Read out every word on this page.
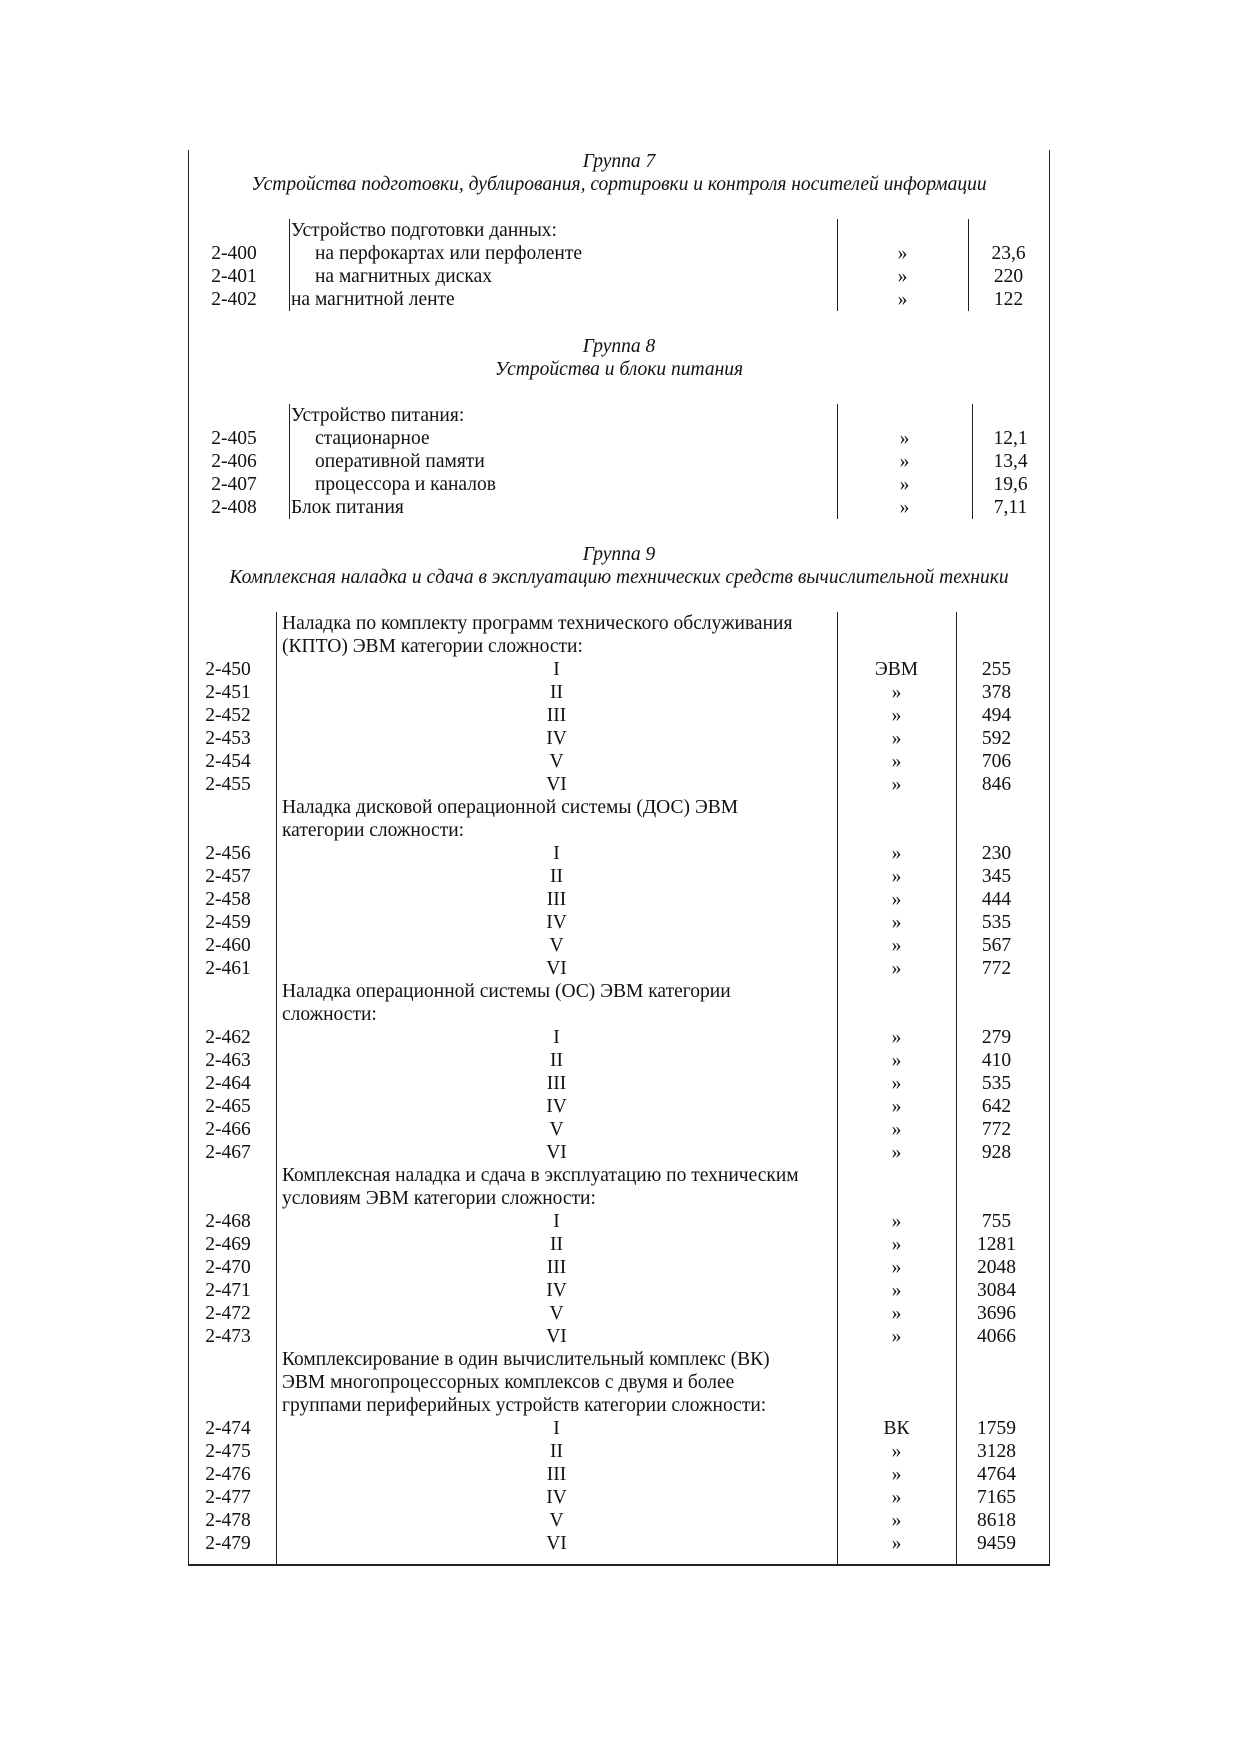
Группа 7
Устройства подготовки, дублирования, сортировки и контроля носителей информации
Устройство подготовки данных:
2-400	на перфокартах или перфоленте	»	23,6
2-401	на магнитных дисках	»	220
2-402	на магнитной ленте	»	122
Группа 8
Устройства и блоки питания
Устройство питания:
2-405	стационарное	»	12,1
2-406	оперативной памяти	»	13,4
2-407	процессора и каналов	»	19,6
2-408	Блок питания	»	7,11
Группа 9
Комплексная наладка и сдача в эксплуатацию технических средств вычислительной техники
Наладка по комплекту программ технического обслуживания
(КПТО) ЭВМ категории сложности:
2-450	I	ЭВМ	255
2-451	II	»	378
2-452	III	»	494
2-453	IV	»	592
2-454	V	»	706
2-455	VI	»	846
Наладка дисковой операционной системы (ДОС) ЭВМ
категории сложности:
2-456	I	»	230
2-457	II	»	345
2-458	III	»	444
2-459	IV	»	535
2-460	V	»	567
2-461	VI	»	772
Наладка операционной системы (ОС) ЭВМ категории
сложности:
2-462	I	»	279
2-463	II	»	410
2-464	III	»	535
2-465	IV	»	642
2-466	V	»	772
2-467	VI	»	928
Комплексная наладка и сдача в эксплуатацию по техническим
условиям ЭВМ категории сложности:
2-468	I	»	755
2-469	II	»	1281
2-470	III	»	2048
2-471	IV	»	3084
2-472	V	»	3696
2-473	VI	»	4066
Комплексирование в один вычислительный комплекс (ВК)
ЭВМ многопроцессорных комплексов с двумя и более
группами периферийных устройств категории сложности:
2-474	I	ВК	1759
2-475	II	»	3128
2-476	III	»	4764
2-477	IV	»	7165
2-478	V	»	8618
2-479	VI	»	9459
